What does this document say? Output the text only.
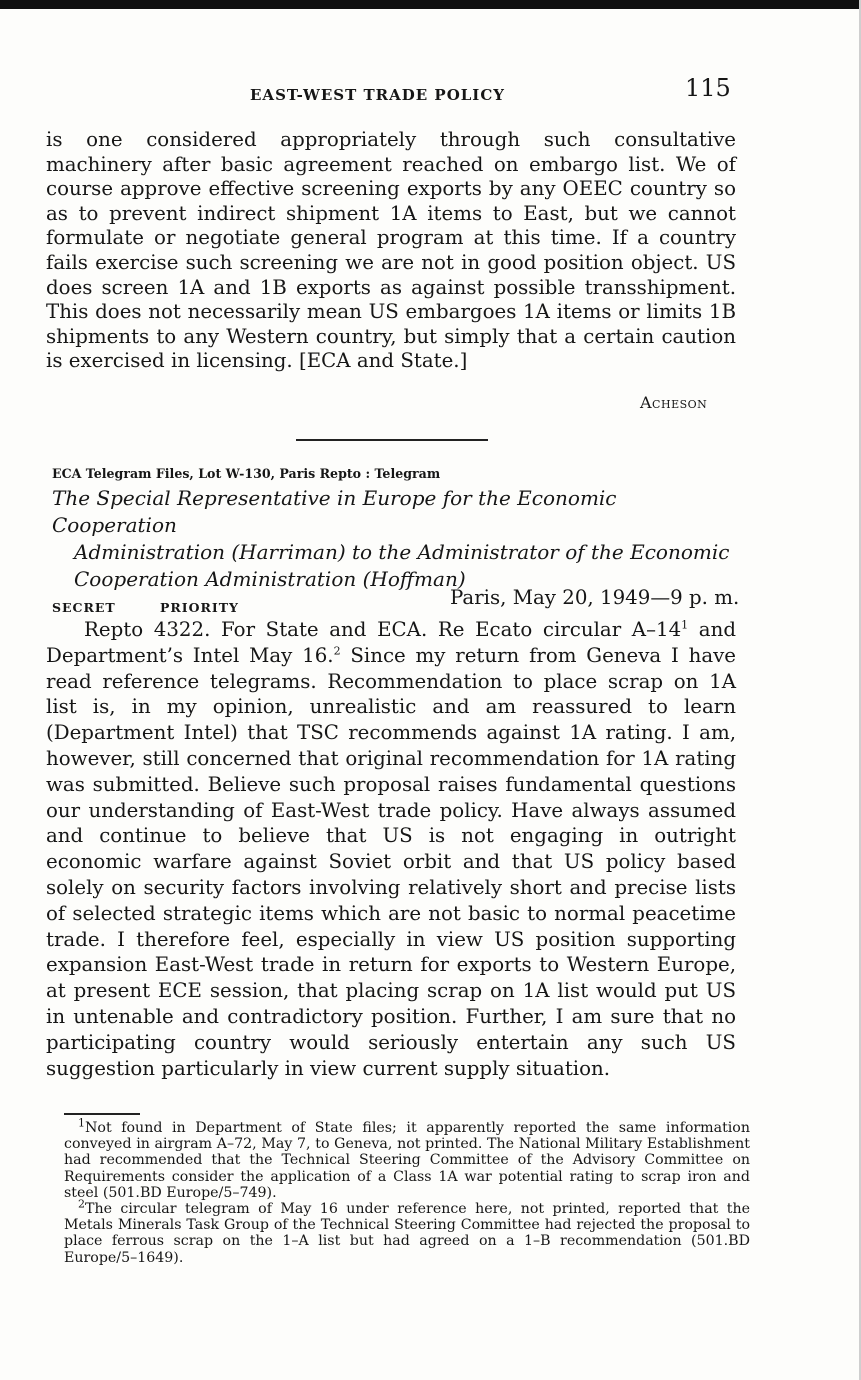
EAST-WEST TRADE POLICY	115

is one considered appropriately through such consultative machinery after basic agreement reached on embargo list. We of course approve effective screening exports by any OEEC country so as to prevent indirect shipment 1A items to East, but we cannot formulate or negotiate general program at this time. If a country fails exercise such screening we are not in good position object. US does screen 1A and 1B exports as against possible transshipment. This does not necessarily mean US embargoes 1A items or limits 1B shipments to any Western country, but simply that a certain caution is exercised in licensing. [ECA and State.]

Acheson
ECA Telegram Files, Lot W-130, Paris Repto : Telegram
The Special Representative in Europe for the Economic Cooperation
Administration (Harriman) to the Administrator of the Economic
Cooperation Administration (Hoffman)
SECRET	PRIORITY	Paris, May 20, 1949—9 p. m.

Repto 4322. For State and ECA. Re Ecato circular $A-14^1$ and Department’s Intel May 16.$^2$ Since my return from Geneva I have read reference telegrams. Recommendation to place scrap on 1A list is, in my opinion, unrealistic and am reassured to learn (Department Intel) that TSC recommends against 1A rating. I am, however, still concerned that original recommendation for 1A rating was submitted. Believe such proposal raises fundamental questions our understanding of East-West trade policy. Have always assumed and continue to believe that US is not engaging in outright economic warfare against Soviet orbit and that US policy based solely on security factors involving relatively short and precise lists of selected strategic items which are not basic to normal peacetime trade. I therefore feel, especially in view US position supporting expansion East-West trade in return for exports to Western Europe, at present ECE session, that placing scrap on 1A list would put US in untenable and contradictory position. Further, I am sure that no participating country would seriously entertain any such US suggestion particularly in view current supply situation.

$^1$Not found in Department of State files; it apparently reported the same information conveyed in airgram A–72, May 7, to Geneva, not printed. The National Military Establishment had recommended that the Technical Steering Committee of the Advisory Committee on Requirements consider the application of a Class 1A war potential rating to scrap iron and steel (501.BD Europe/5–749).

$^2$The circular telegram of May 16 under reference here, not printed, reported that the Metals Minerals Task Group of the Technical Steering Committee had rejected the proposal to place ferrous scrap on the 1–A list but had agreed on a 1–B recommendation (501.BD Europe/5–1649).
